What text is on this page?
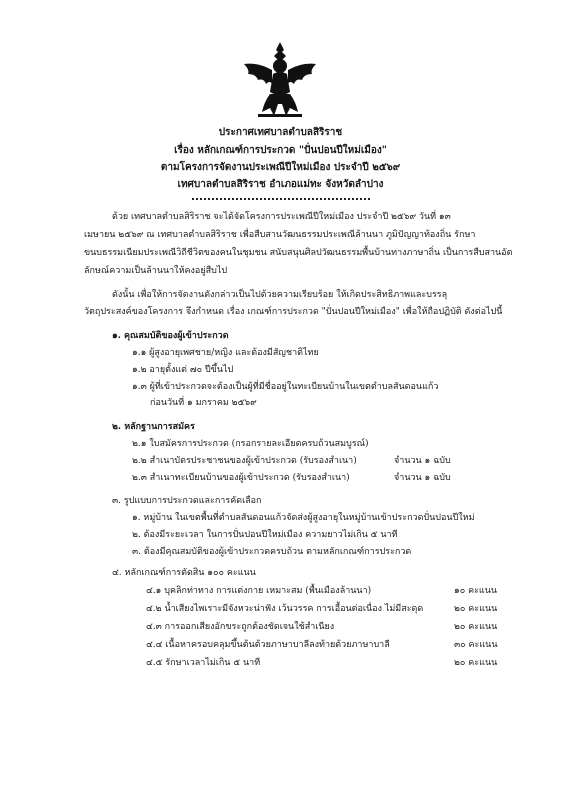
ประกาศเทศบาลตำบลสิริราช
เรื่อง หลักเกณฑ์การประกวด "ปั่นปอนปีใหม่เมือง"
ตามโครงการจัดงานประเพณีปีใหม่เมือง ประจำปี ๒๕๖๙
เทศบาลตำบลสิริราช อำเภอแม่ทะ จังหวัดลำปาง
ด้วย เทศบาลตำบลสิริราช จะได้จัดโครงการประเพณีปีใหม่เมือง ประจำปี ๒๕๖๙ วันที่ ๑๓
เมษายน ๒๕๖๙ ณ เทศบาลตำบลสิริราช เพื่อสืบสานวัฒนธรรมประเพณีล้านนา ภูมิปัญญาท้องถิ่น รักษา
ขนบธรรมเนียมประเพณีวิถีชีวิตของคนในชุมชน สนับสนุนศิลปวัฒนธรรมพื้นบ้านทางภาษาถิ่น เป็นการสืบสานอัต
ลักษณ์ความเป็นล้านนาให้คงอยู่สืบไป
ดังนั้น เพื่อให้การจัดงานดังกล่าวเป็นไปด้วยความเรียบร้อย ให้เกิดประสิทธิภาพและบรรลุ
วัตถุประสงค์ของโครงการ จึงกำหนด เรื่อง เกณฑ์การประกวด "ปั่นปอนปีใหม่เมือง" เพื่อให้ถือปฏิบัติ ดังต่อไปนี้
๑. คุณสมบัติของผู้เข้าประกวด
๑.๑ ผู้สูงอายุเพศชาย/หญิง และต้องมีสัญชาติไทย
๑.๒ อายุตั้งแต่ ๗๐ ปีขึ้นไป
๑.๓ ผู้ที่เข้าประกวดจะต้องเป็นผู้ที่มีชื่ออยู่ในทะเบียนบ้านในเขตตำบลสันดอนแก้ว
ก่อนวันที่ ๑ มกราคม ๒๕๖๙
๒. หลักฐานการสมัคร
๒.๑ ใบสมัครการประกวด (กรอกรายละเอียดครบถ้วนสมบูรณ์)
๒.๒ สำเนาบัตรประชาชนของผู้เข้าประกวด (รับรองสำเนา)	จำนวน ๑ ฉบับ
๒.๓ สำเนาทะเบียนบ้านของผู้เข้าประกวด (รับรองสำเนา)	จำนวน ๑ ฉบับ
๓. รูปแบบการประกวดและการคัดเลือก
๑. หมู่บ้าน ในเขตพื้นที่ตำบลสันดอนแก้วจัดส่งผู้สูงอายุในหมู่บ้านเข้าประกวดปั่นปอนปีใหม่
๒. ต้องมีระยะเวลา ในการปั่นปอนปีใหม่เมือง ความยาวไม่เกิน ๕ นาที
๓. ต้องมีคุณสมบัติของผู้เข้าประกวดครบถ้วน ตามหลักเกณฑ์การประกวด
๔. หลักเกณฑ์การตัดสิน ๑๐๐ คะแนน
๔.๑ บุคลิกท่าทาง การแต่งกาย เหมาะสม (พื้นเมืองล้านนา)	๑๐ คะแนน
๔.๒ น้ำเสียงไพเราะมีจังหวะน่าฟัง เว้นวรรค การเอื้อนต่อเนื่อง ไม่มีสะดุด	๒๐ คะแนน
๔.๓ การออกเสียงอักขระถูกต้องชัดเจนใช้สำเนียง	๒๐ คะแนน
๔.๔ เนื้อหาครอบคลุมขึ้นต้นด้วยภาษาบาลีลงท้ายด้วยภาษาบาลี	๓๐ คะแนน
๔.๕ รักษาเวลาไม่เกิน ๕ นาที	๒๐ คะแนน
